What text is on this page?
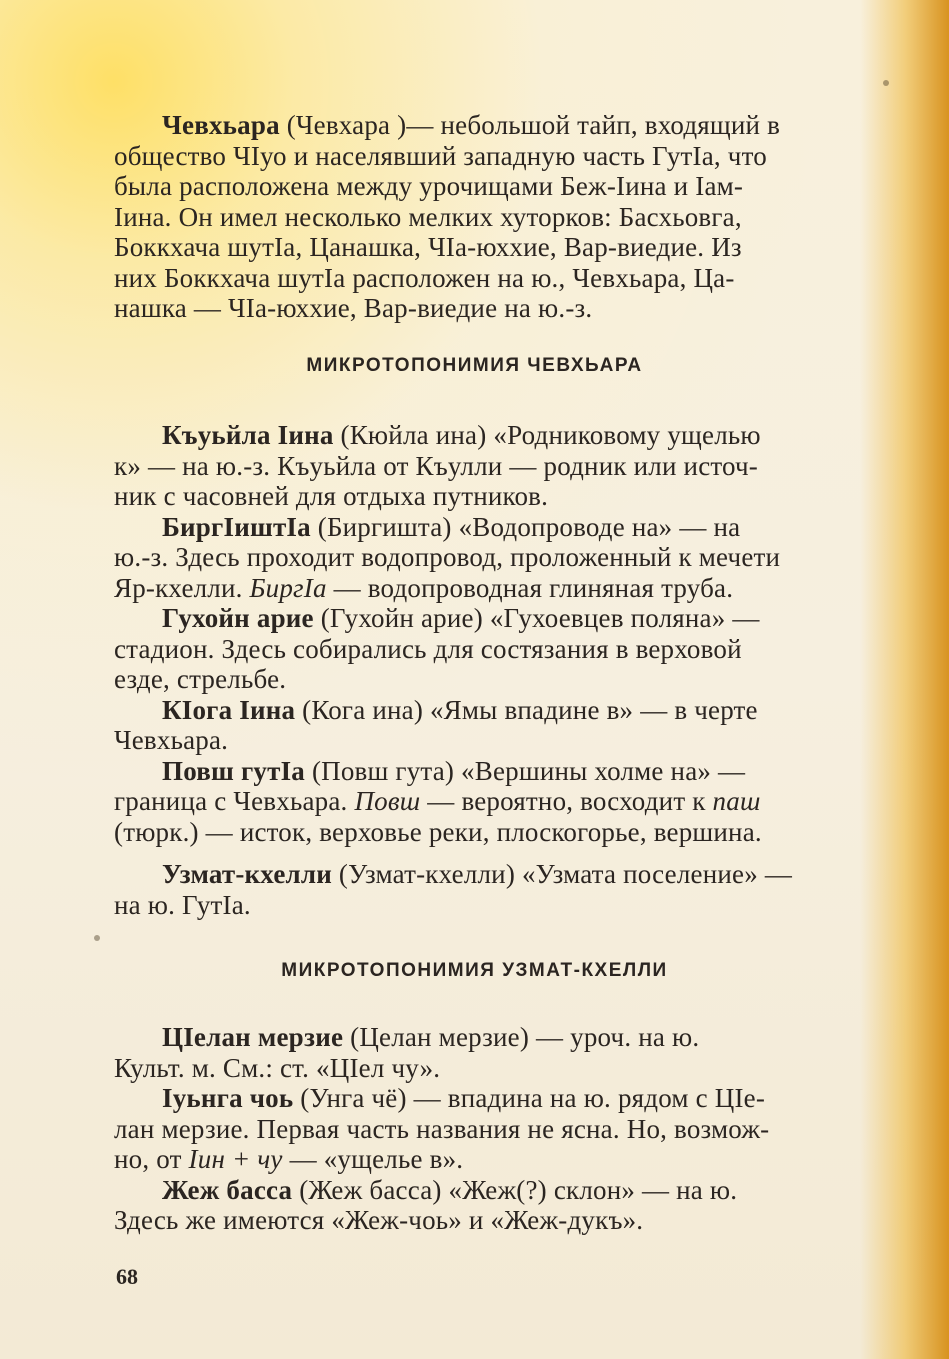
Чевхьара (Чевхара )— небольшой тайп, входящий в
общество ЧIуо и населявший западную часть ГутIа, что
была расположена между урочищами Беж-Iина и Iам-
Iина. Он имел несколько мелких хуторков: Басхьовга,
Боккхача шутIа, Цанашка, ЧIа-юххие, Вар-виедие. Из
них Боккхача шутIа расположен на ю., Чевхьара, Ца-
нашка — ЧIа-юххие, Вар-виедие на ю.-з.
МИКРОТОПОНИМИЯ ЧЕВХЬАРА
Къуьйла Iина (Кюйла ина) «Родниковому ущелью
к» — на ю.-з. Къуьйла от Къулли — родник или источ-
ник с часовней для отдыха путников.
БиргIиштIа (Биргишта) «Водопроводе на» — на
ю.-з. Здесь проходит водопровод, проложенный к мечети
Яр-кхелли. БиргIа — водопроводная глиняная труба.
Гухойн арие (Гухойн арие) «Гухоевцев поляна» —
стадион. Здесь собирались для состязания в верховой
езде, стрельбе.
КIога Iина (Кога ина) «Ямы впадине в» — в черте
Чевхьара.
Повш гутIа (Повш гута) «Вершины холме на» —
граница с Чевхьара. Повш — вероятно, восходит к паш
(тюрк.) — исток, верховье реки, плоскогорье, вершина.
Узмат-кхелли (Узмат-кхелли) «Узмата поселение» —
на ю. ГутIа.
МИКРОТОПОНИМИЯ УЗМАТ-КХЕЛЛИ
ЦIелан мерзие (Целан мерзие) — уроч. на ю.
Культ. м. См.: ст. «ЦIел чу».
Iуьнга чоь (Унга чё) — впадина на ю. рядом с ЦIе-
лан мерзие. Первая часть названия не ясна. Но, возмож-
но, от Iин + чу — «ущелье в».
Жеж басса (Жеж басса) «Жеж(?) склон» — на ю.
Здесь же имеются «Жеж-чоь» и «Жеж-дукъ».
68
